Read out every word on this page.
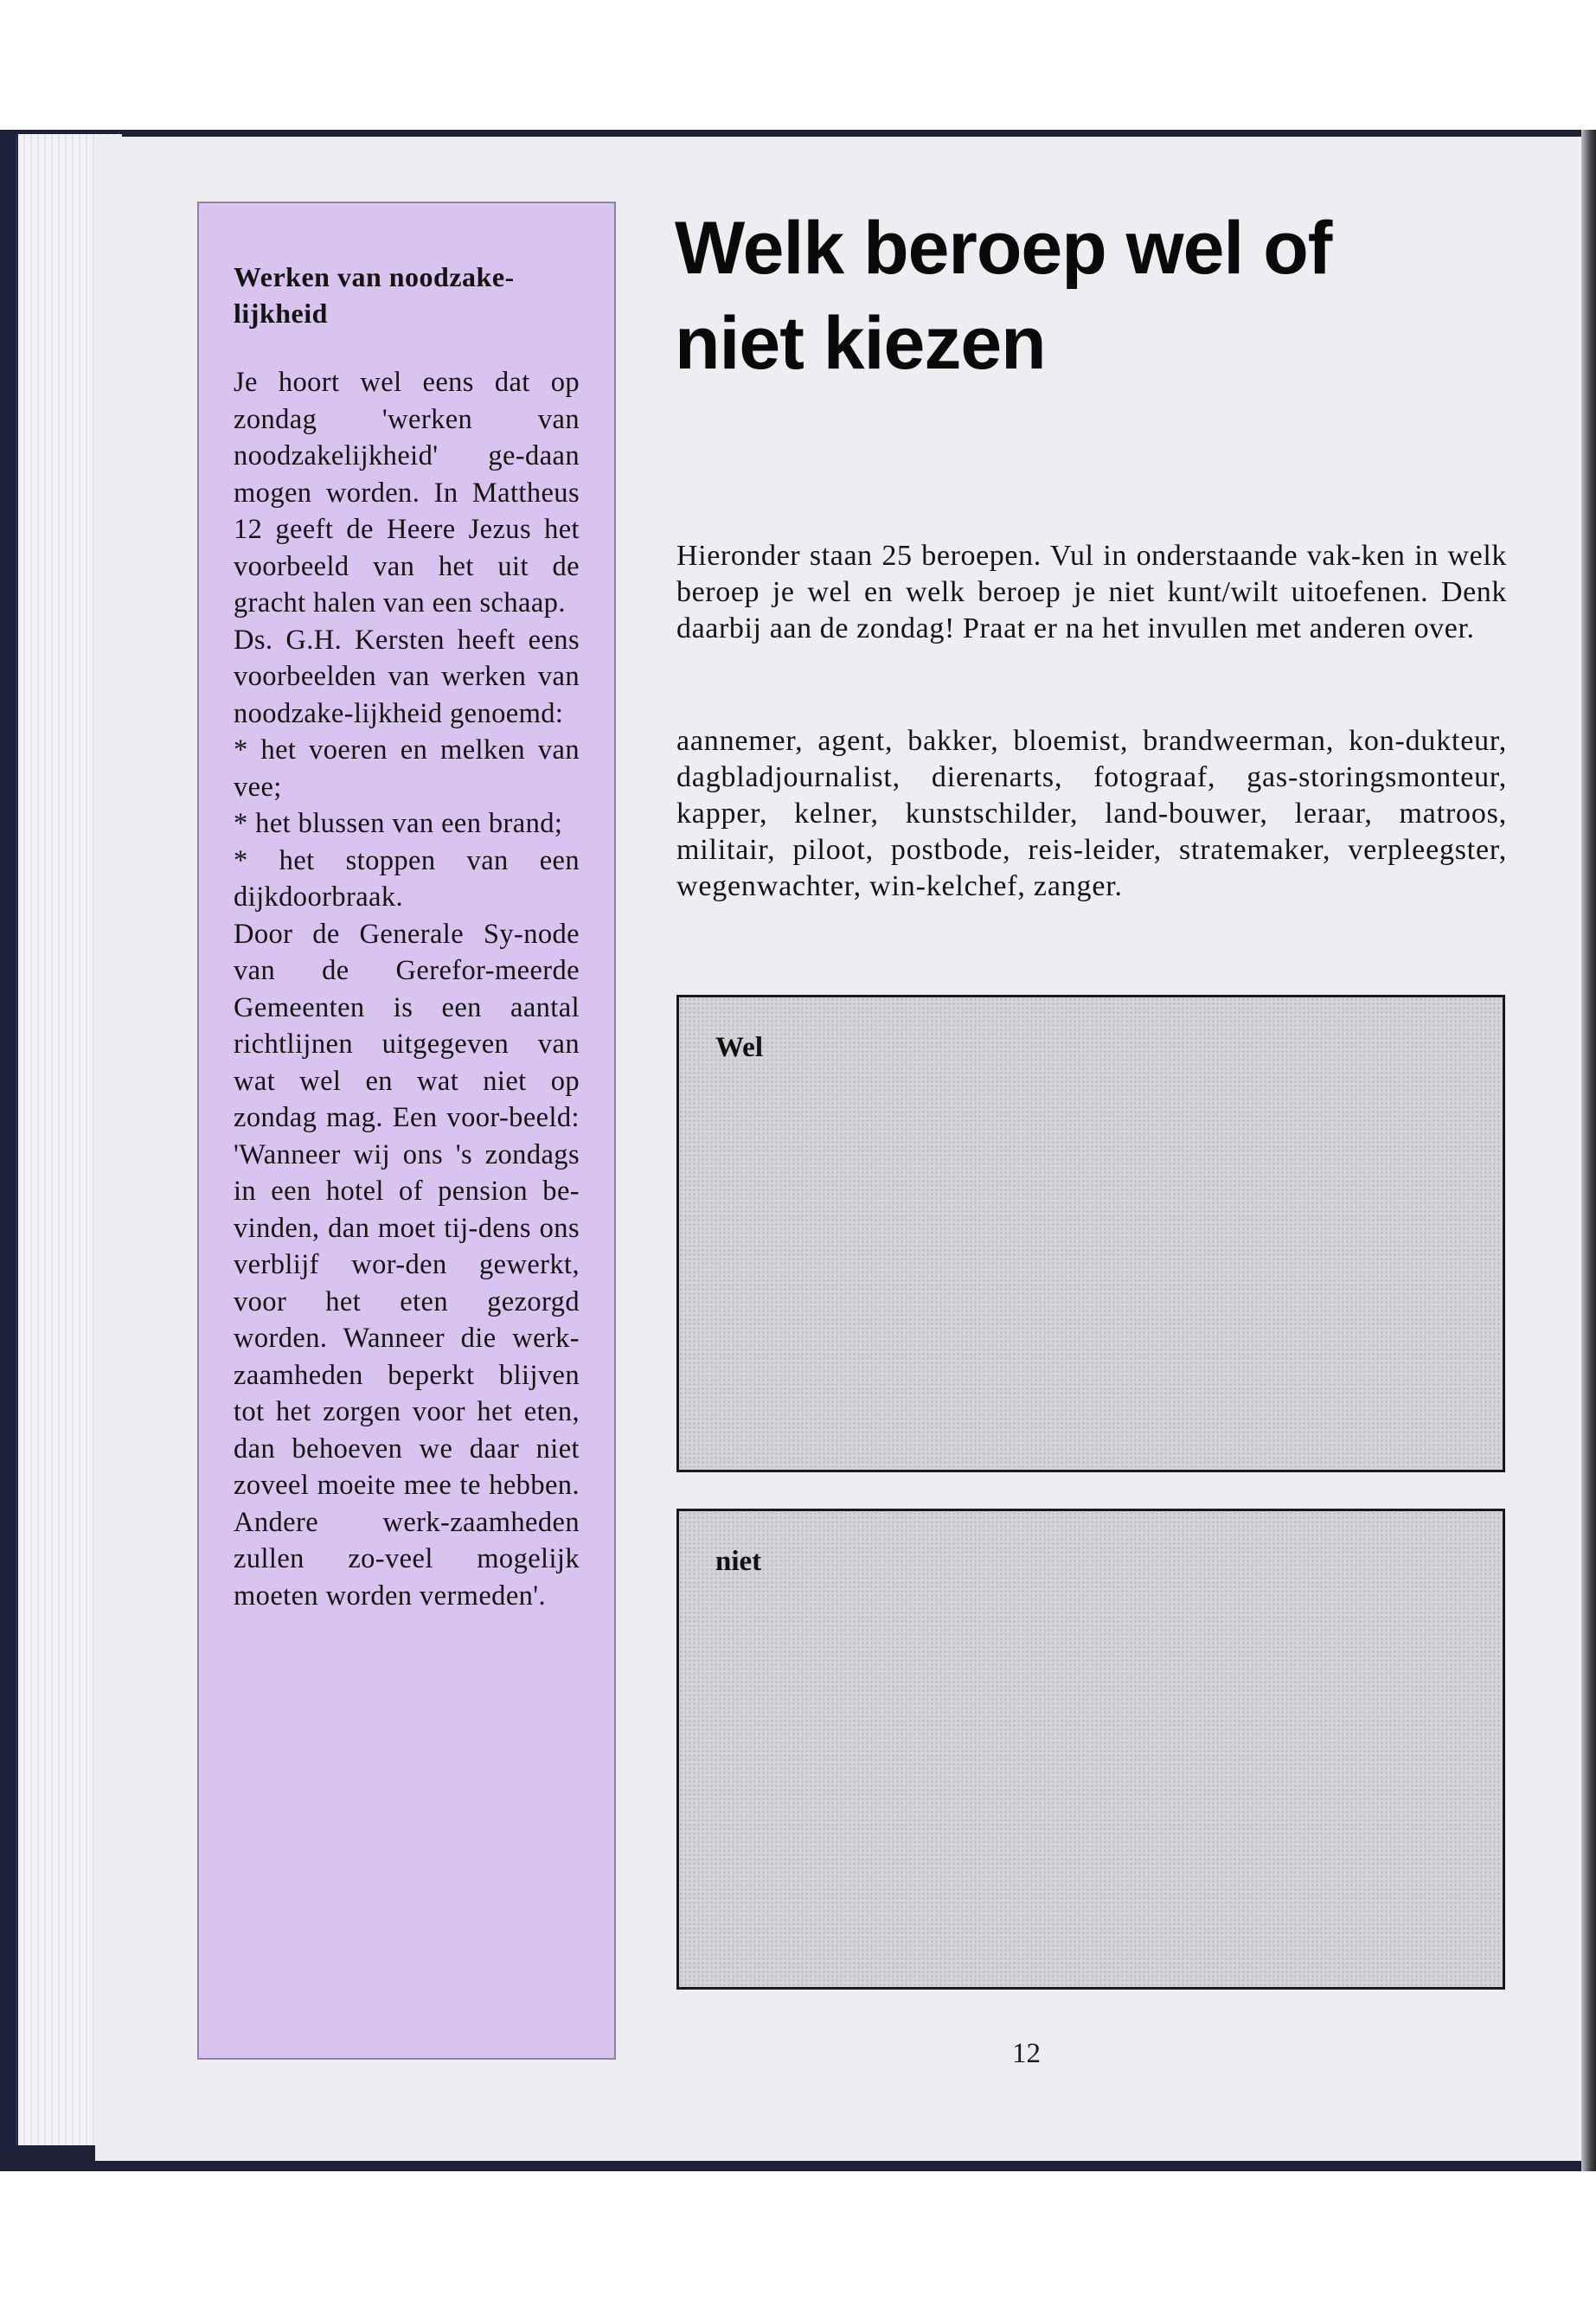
Werken van noodzake-
lijkheid
Je hoort wel eens dat op zondag 'werken van noodzakelijkheid' ge-daan mogen worden. In Mattheus 12 geeft de Heere Jezus het voorbeeld van het uit de gracht halen van een schaap.
Ds. G.H. Kersten heeft eens voorbeelden van werken van noodzake-lijkheid genoemd:
* het voeren en melken van vee;
* het blussen van een brand;
* het stoppen van een dijkdoorbraak.
Door de Generale Sy-node van de Gerefor-meerde Gemeenten is een aantal richtlijnen uitgegeven van wat wel en wat niet op zondag mag. Een voor-beeld: 'Wanneer wij ons 's zondags in een hotel of pension be-vinden, dan moet tij-dens ons verblijf wor-den gewerkt, voor het eten gezorgd worden. Wanneer die werk-zaamheden beperkt blijven tot het zorgen voor het eten, dan behoeven we daar niet zoveel moeite mee te hebben. Andere werk-zaamheden zullen zo-veel mogelijk moeten worden vermeden'.
Welk beroep wel of niet kiezen

Hieronder staan 25 beroepen. Vul in onderstaande vak-ken in welk beroep je wel en welk beroep je niet kunt/wilt uitoefenen. Denk daarbij aan de zondag! Praat er na het invullen met anderen over.

aannemer, agent, bakker, bloemist, brandweerman, kon-dukteur, dagbladjournalist, dierenarts, fotograaf, gas-storingsmonteur, kapper, kelner, kunstschilder, land-bouwer, leraar, matroos, militair, piloot, postbode, reis-leider, stratemaker, verpleegster, wegenwachter, win-kelchef, zanger.

Wel
niet
12
